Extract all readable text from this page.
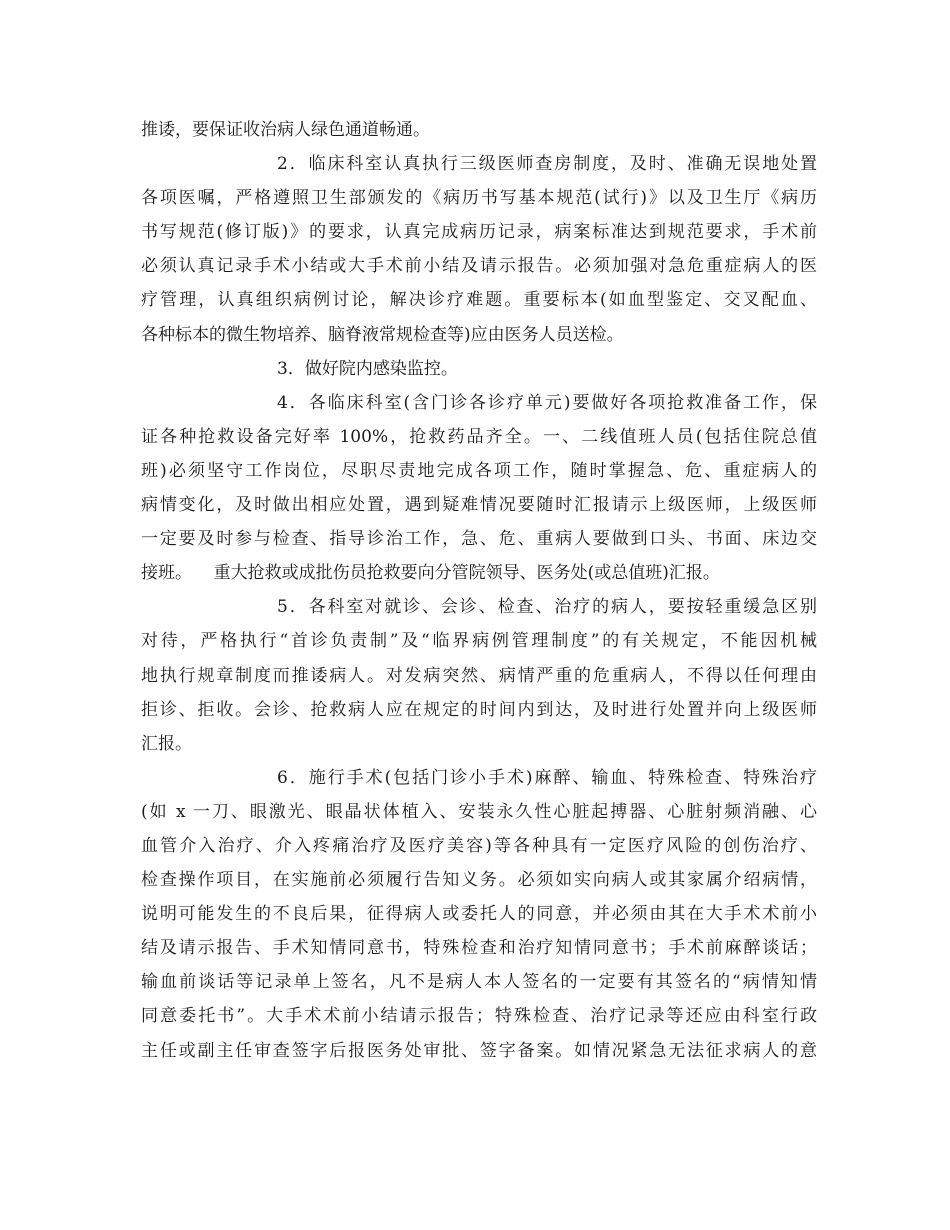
推诿，要保证收治病人绿色通道畅通。
2．临床科室认真执行三级医师查房制度，及时、准确无误地处置
各项医嘱，严格遵照卫生部颁发的《病历书写基本规范(试行)》以及卫生厅《病历
书写规范(修订版)》的要求，认真完成病历记录，病案标准达到规范要求，手术前
必须认真记录手术小结或大手术前小结及请示报告。必须加强对急危重症病人的医
疗管理，认真组织病例讨论，解决诊疗难题。重要标本(如血型鉴定、交叉配血、
各种标本的微生物培养、脑脊液常规检查等)应由医务人员送检。
3．做好院内感染监控。
4．各临床科室(含门诊各诊疗单元)要做好各项抢救准备工作，保
证各种抢救设备完好率 100%，抢救药品齐全。一、二线值班人员(包括住院总值
班)必须坚守工作岗位，尽职尽责地完成各项工作，随时掌握急、危、重症病人的
病情变化，及时做出相应处置，遇到疑难情况要随时汇报请示上级医师，上级医师
一定要及时参与检查、指导诊治工作，急、危、重病人要做到口头、书面、床边交
接班。    重大抢救或成批伤员抢救要向分管院领导、医务处(或总值班)汇报。
5．各科室对就诊、会诊、检查、治疗的病人，要按轻重缓急区别
对待，严格执行“首诊负责制”及“临界病例管理制度”的有关规定，不能因机械
地执行规章制度而推诿病人。对发病突然、病情严重的危重病人，不得以任何理由
拒诊、拒收。会诊、抢救病人应在规定的时间内到达，及时进行处置并向上级医师
汇报。
6．施行手术(包括门诊小手术)麻醉、输血、特殊检查、特殊治疗
(如 x 一刀、眼激光、眼晶状体植入、安装永久性心脏起搏器、心脏射频消融、心
血管介入治疗、介入疼痛治疗及医疗美容)等各种具有一定医疗风险的创伤治疗、
检查操作项目，在实施前必须履行告知义务。必须如实向病人或其家属介绍病情，
说明可能发生的不良后果，征得病人或委托人的同意，并必须由其在大手术术前小
结及请示报告、手术知情同意书，特殊检查和治疗知情同意书；手术前麻醉谈话；
输血前谈话等记录单上签名，凡不是病人本人签名的一定要有其签名的“病情知情
同意委托书”。大手术术前小结请示报告；特殊检查、治疗记录等还应由科室行政
主任或副主任审查签字后报医务处审批、签字备案。如情况紧急无法征求病人的意
